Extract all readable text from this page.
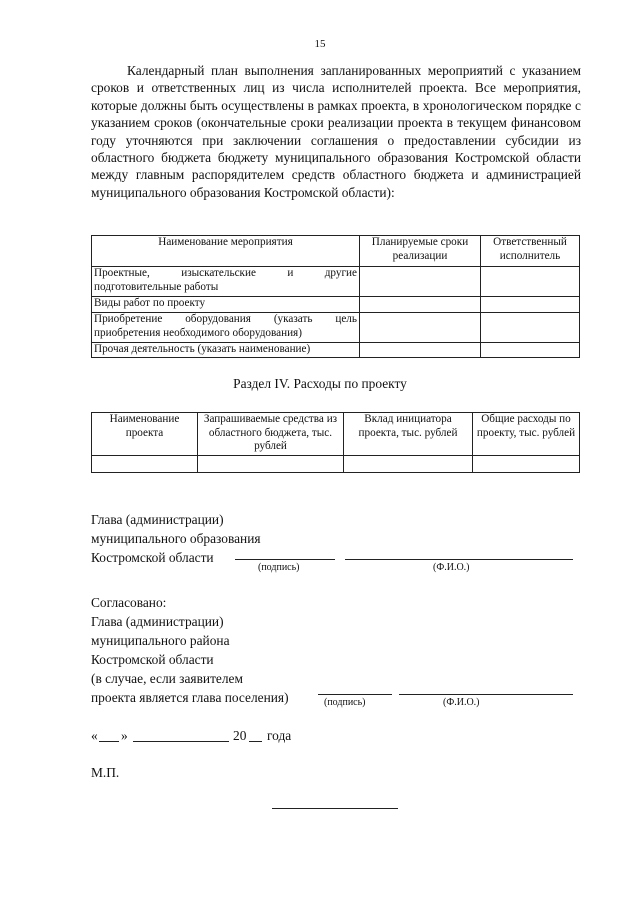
15

Календарный план выполнения запланированных мероприятий с указанием сроков и ответственных лиц из числа исполнителей проекта. Все мероприятия, которые должны быть осуществлены в рамках проекта, в хронологическом порядке с указанием сроков (окончательные сроки реализации проекта в текущем финансовом году уточняются при заключении соглашения о предоставлении субсидии из областного бюджета бюджету муниципального образования Костромской области между главным распорядителем средств областного бюджета и администрацией муниципального образования Костромской области):

Наименование мероприятия	Планируемые сроки реализации	Ответственный исполнитель
Проектные, изыскательские и другие подготовительные работы		
Виды работ по проекту		
Приобретение оборудования (указать цель приобретения необходимого оборудования)		
Прочая деятельность (указать наименование)		
Раздел IV. Расходы по проекту
Наименование проекта	Запрашиваемые средства из областного бюджета, тыс. рублей	Вклад инициатора проекта, тыс. рублей	Общие расходы по проекту, тыс. рублей

Глава (администрации)
муниципального образования
Костромской области
(подпись)	(Ф.И.О.)
Согласовано:
Глава (администрации)
муниципального района
Костромской области
(в случае, если заявителем
проекта является глава поселения)	(подпись)	(Ф.И.О.)
« »	20 года
М.П.
